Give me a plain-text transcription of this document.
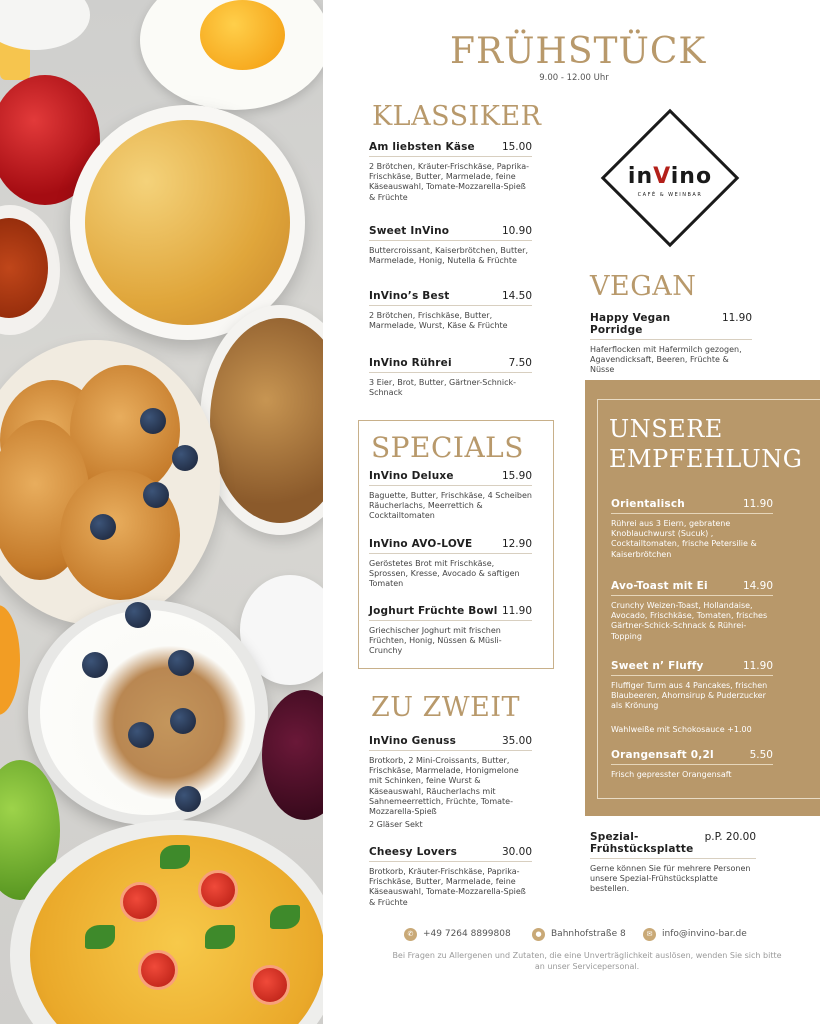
FRÜHSTÜCK
9.00 - 12.00 Uhr
KLASSIKER
Am liebsten Käse	15.00
2 Brötchen, Kräuter-Frischkäse, Paprika-Frischkäse, Butter, Marmelade, feine Käseauswahl, Tomate-Mozzarella-Spieß & Früchte
Sweet InVino	10.90
Buttercroissant, Kaiserbrötchen, Butter, Marmelade, Honig, Nutella & Früchte
InVino’s Best	14.50
2 Brötchen, Frischkäse, Butter, Marmelade, Wurst, Käse & Früchte
InVino Rührei	7.50
3 Eier, Brot, Butter, Gärtner-Schnick-Schnack
SPECIALS
InVino Deluxe	15.90
Baguette, Butter, Frischkäse, 4 Scheiben Räucherlachs, Meerrettich & Cocktailtomaten
InVino AVO-LOVE	12.90
Geröstetes Brot mit Frischkäse, Sprossen, Kresse, Avocado & saftigen Tomaten
Joghurt Früchte Bowl 11.90
Griechischer Joghurt mit frischen Früchten, Honig, Nüssen & Müsli-Crunchy
ZU ZWEIT
InVino Genuss	35.00
Brotkorb, 2 Mini-Croissants, Butter, Frischkäse, Marmelade, Honigmelone mit Schinken, feine Wurst & Käseauswahl, Räucherlachs mit Sahnemeerrettich, Früchte, Tomate- Mozzarella-Spieß
2 Gläser Sekt
Cheesy Lovers	30.00
Brotkorb, Kräuter-Frischkäse, Paprika-Frischkäse, Butter, Marmelade, feine Käseauswahl, Tomate-Mozzarella-Spieß & Früchte
inVino
CAFÉ & WEINBAR
VEGAN
Happy Vegan Porridge
11.90
Haferflocken mit Hafermilch gezogen, Agavendicksaft, Beeren, Früchte & Nüsse
UNSERE
EMPFEHLUNG
Orientalisch	11.90
Rührei aus 3 Eiern, gebratene Knoblauchwurst (Sucuk) , Cocktailtomaten, frische Petersilie & Kaiserbrötchen
Avo-Toast mit Ei	14.90
Crunchy Weizen-Toast, Hollandaise, Avocado, Frischkäse, Tomaten, frisches Gärtner-Schick-Schnack & Rührei-Topping
Sweet n’ Fluffy	11.90
Fluffiger Turm aus 4 Pancakes, frischen Blaubeeren, Ahornsirup & Puderzucker als Krönung
Wahlweiße mit Schokosauce +1.00
Orangensaft 0,2l	5.50
Frisch gepresster Orangensaft
Spezial-
Frühstücksplatte
p.P. 20.00
Gerne können Sie für mehrere Personen unsere Spezial-Frühstücksplatte bestellen.
✆	+49 7264 8899808	●	Bahnhofstraße 8	✉	info@invino-bar.de
Bei Fragen zu Allergenen und Zutaten, die eine Unverträglichkeit auslösen, wenden Sie sich bitte an unser Servicepersonal.
